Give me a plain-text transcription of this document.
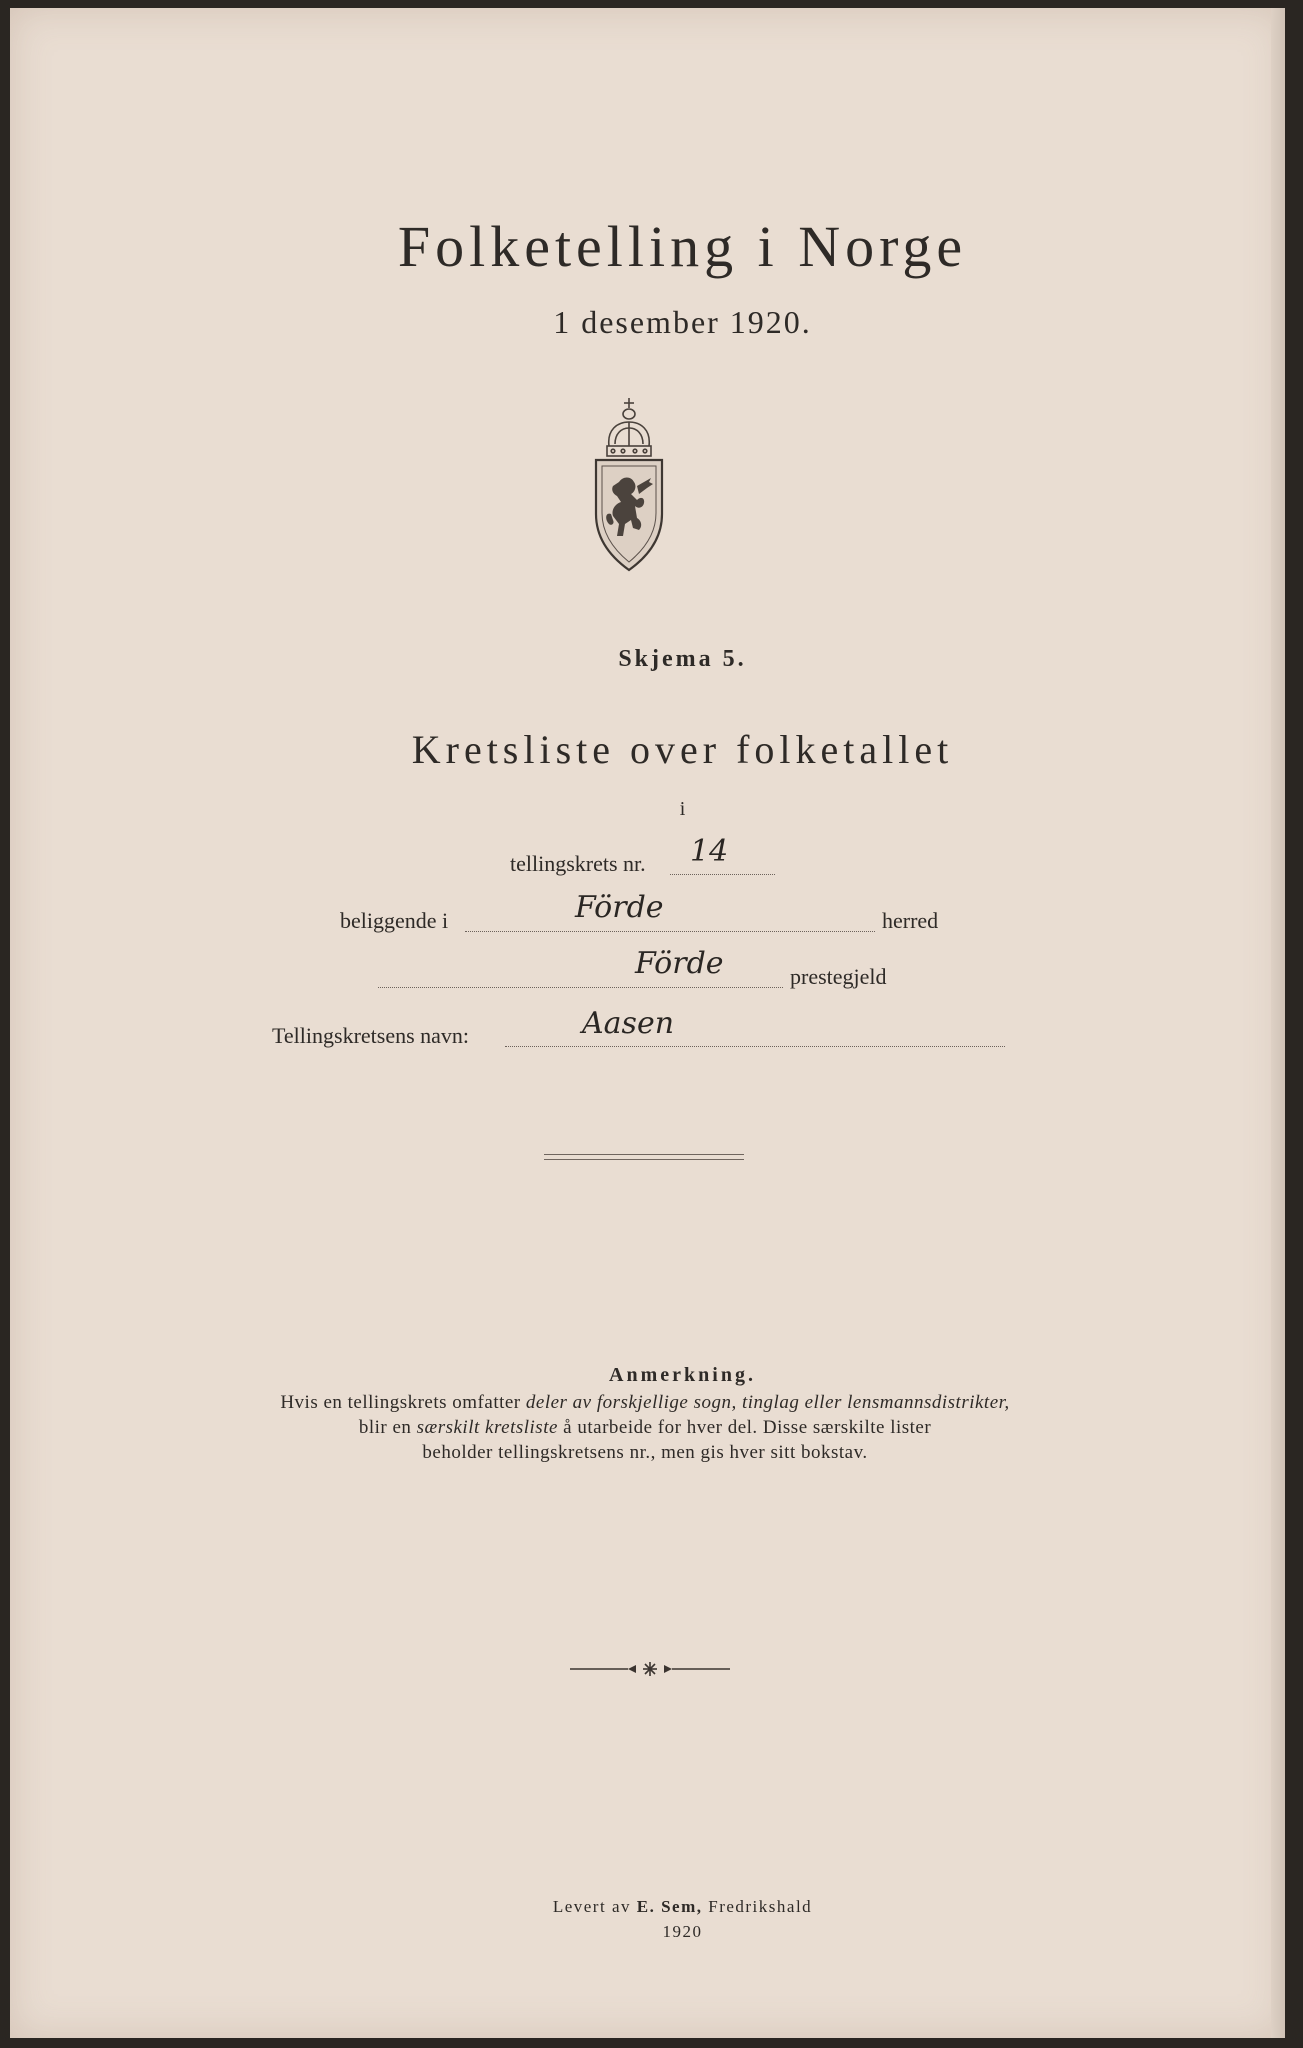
Folketelling i Norge
1 desember 1920.
Skjema 5.
Kretsliste over folketallet
i
tellingskrets nr. 14
beliggende i	Förde	herred
Förde	prestegjeld
Tellingskretsens navn:	Aasen
Anmerkning.
Hvis en tellingskrets omfatter deler av forskjellige sogn, tinglag eller lensmannsdistrikter,
blir en særskilt kretsliste å utarbeide for hver del. Disse særskilte lister
beholder tellingskretsens nr., men gis hver sitt bokstav.
Levert av E. Sem, Fredrikshald
1920
